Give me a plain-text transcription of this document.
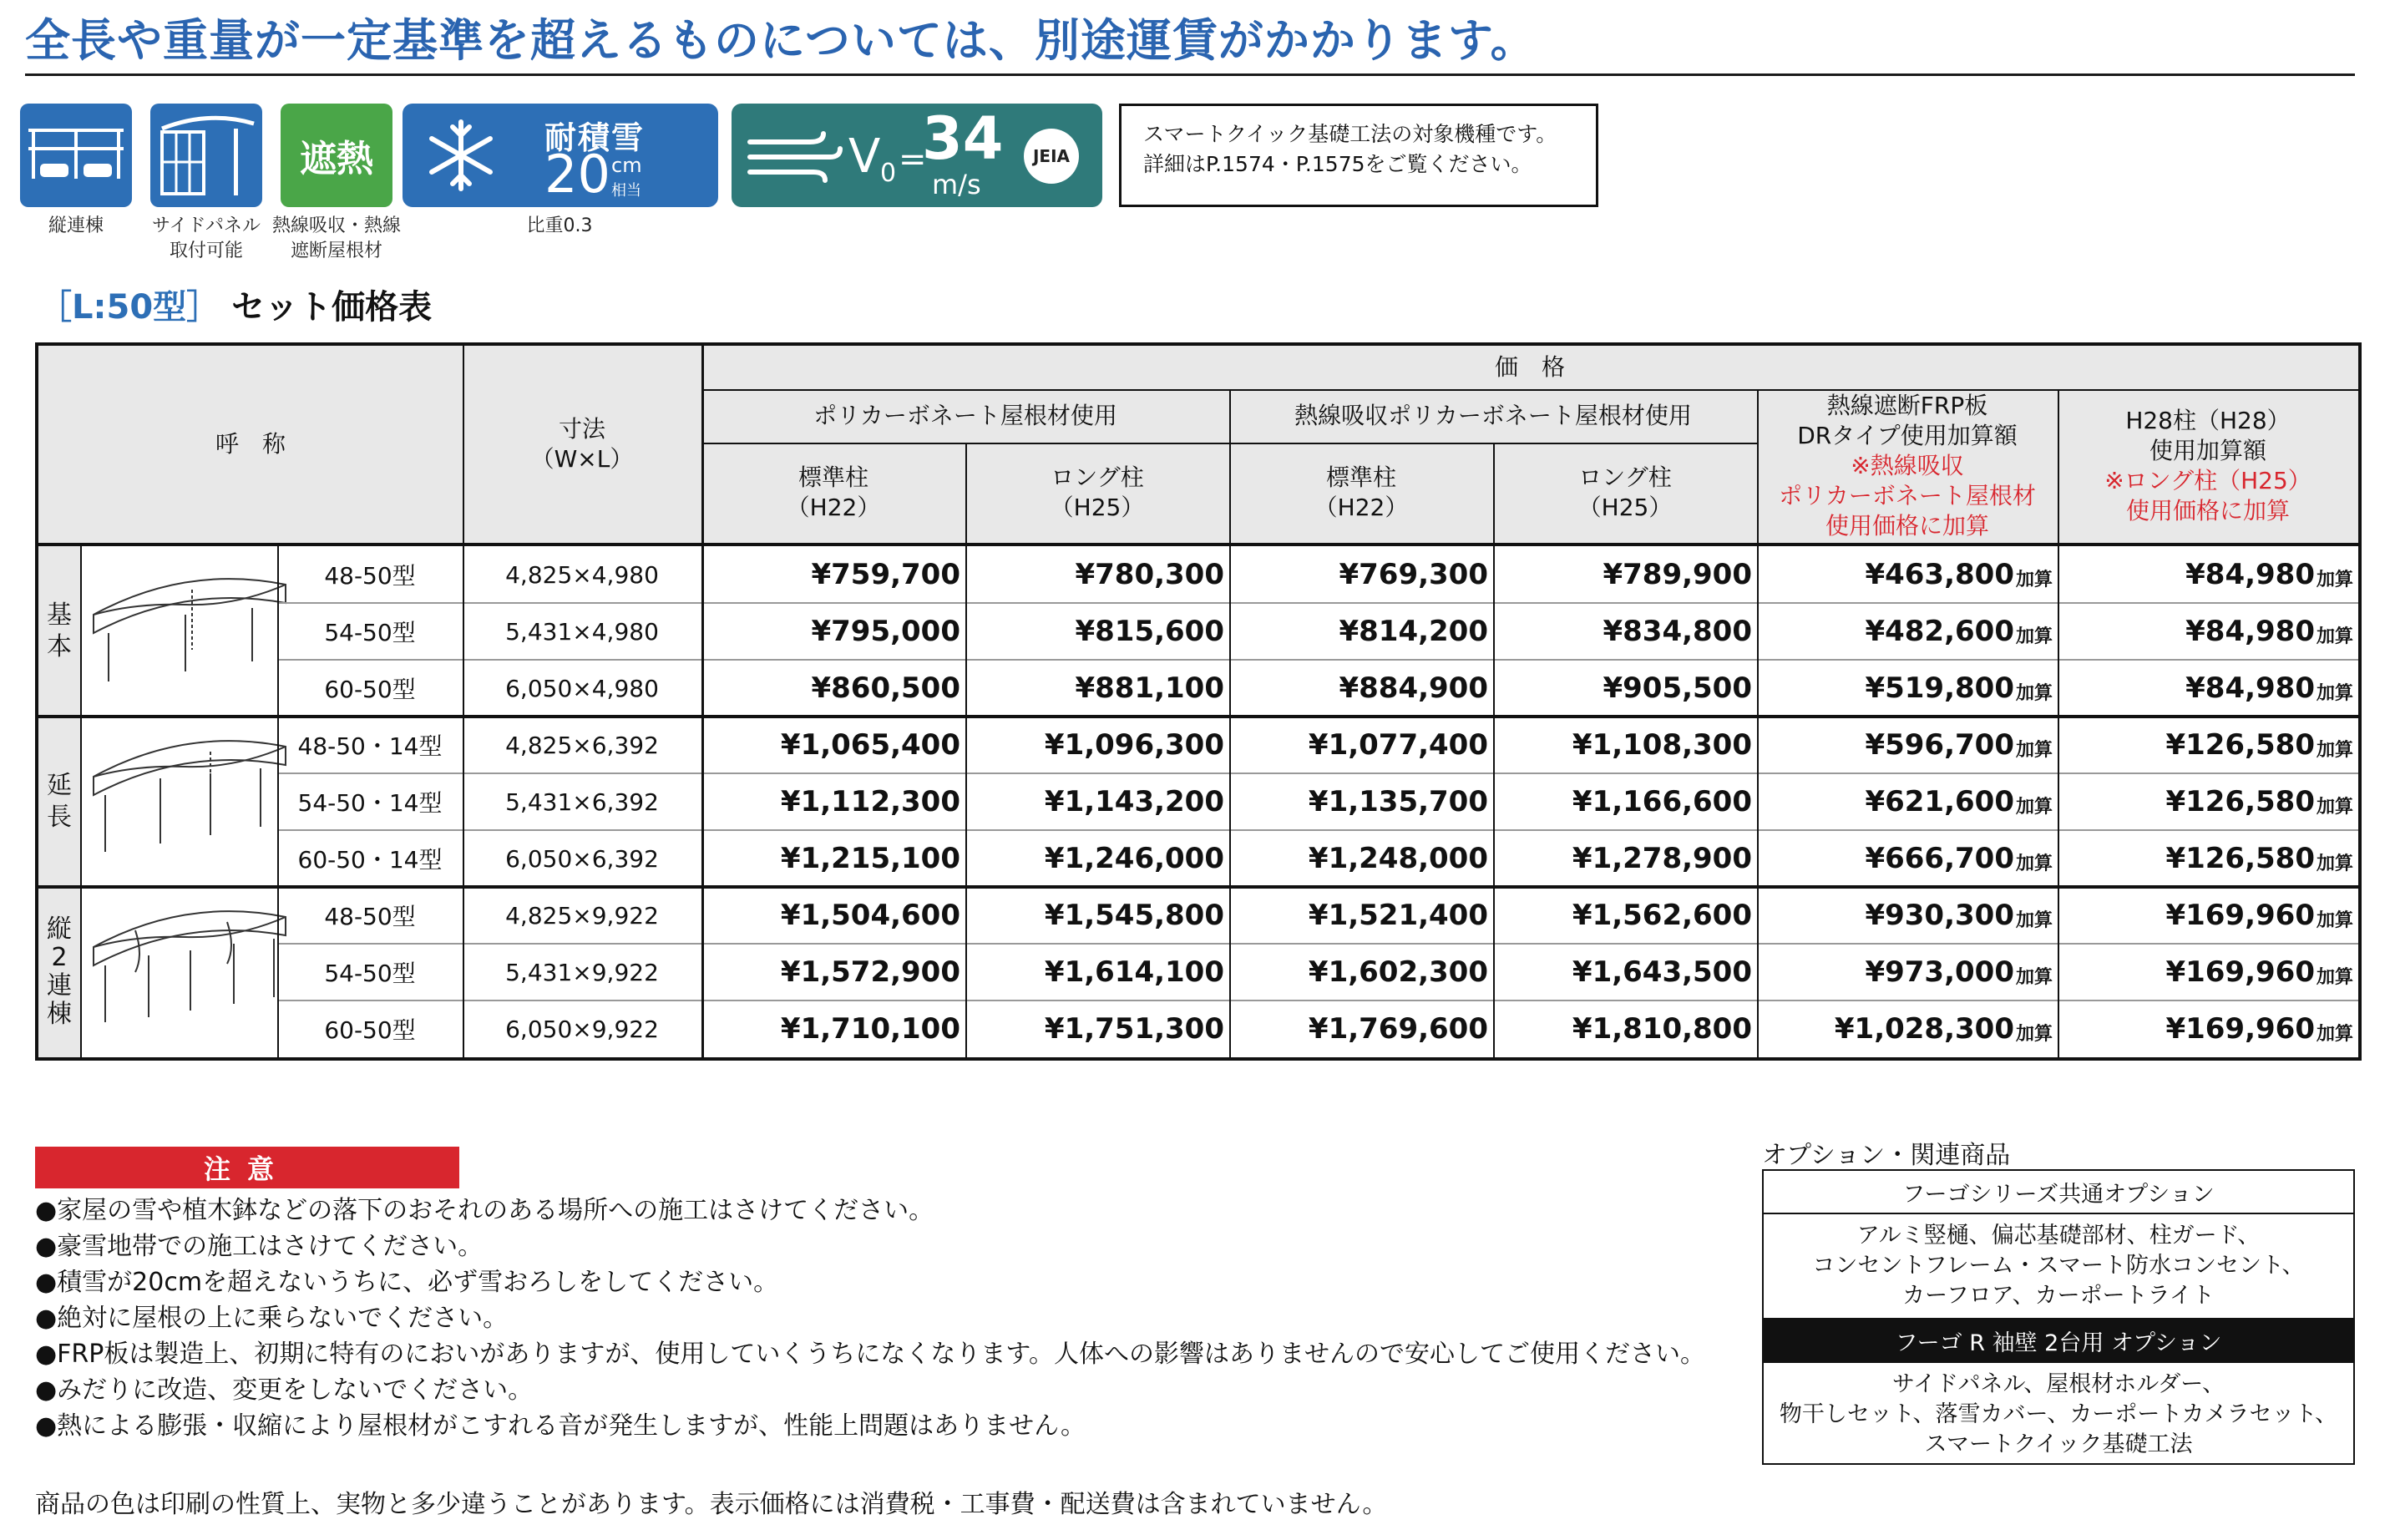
全長や重量が一定基準を超えるものについては、別途運賃がかかります。
縦連棟	サイドパネル
取付可能
遮熱
熱線吸収・熱線
遮断屋根材
耐積雪
20 cm
相当
比重0.3
V 0 =
34
m/s
JEIA
スマートクイック基礎工法の対象機種です。
詳細はP.1574・P.1575をご覧ください。
［L:50型］ セット価格表
呼　称
寸法
（W×L）
価　格
ポリカーボネート屋根材使用	熱線吸収ポリカーボネート屋根材使用
標準柱
（H22）
ロング柱
（H25）
標準柱
（H22）
ロング柱
（H25）
熱線遮断FRP板
DRタイプ使用加算額
※熱線吸収
ポリカーボネート屋根材
使用価格に加算
H28柱（H28）
使用加算額
※ロング柱（H25）
使用価格に加算
基
本
延
長
縦
2
連
棟
48-50型	4,825×4,980	¥759,700	¥780,300	¥769,300	¥789,900	¥463,800 加算	¥84,980 加算
54-50型	5,431×4,980	¥795,000	¥815,600	¥814,200	¥834,800	¥482,600 加算	¥84,980 加算
60-50型	6,050×4,980	¥860,500	¥881,100	¥884,900	¥905,500	¥519,800 加算	¥84,980 加算
48-50・14型	4,825×6,392	¥1,065,400	¥1,096,300	¥1,077,400	¥1,108,300	¥596,700 加算	¥126,580 加算
54-50・14型	5,431×6,392	¥1,112,300	¥1,143,200	¥1,135,700	¥1,166,600	¥621,600 加算	¥126,580 加算
60-50・14型	6,050×6,392	¥1,215,100	¥1,246,000	¥1,248,000	¥1,278,900	¥666,700 加算	¥126,580 加算
48-50型	4,825×9,922	¥1,504,600	¥1,545,800	¥1,521,400	¥1,562,600	¥930,300 加算	¥169,960 加算
54-50型	5,431×9,922	¥1,572,900	¥1,614,100	¥1,602,300	¥1,643,500	¥973,000 加算	¥169,960 加算
60-50型	6,050×9,922	¥1,710,100	¥1,751,300	¥1,769,600	¥1,810,800	¥1,028,300 加算	¥169,960 加算
注意
●家屋の雪や植木鉢などの落下のおそれのある場所への施工はさけてください。
●豪雪地帯での施工はさけてください。
●積雪が20cmを超えないうちに、必ず雪おろしをしてください。
●絶対に屋根の上に乗らないでください。
●FRP板は製造上、初期に特有のにおいがありますが、使用していくうちになくなります。人体への影響はありませんので安心してご使用ください。
●みだりに改造、変更をしないでください。
●熱による膨張・収縮により屋根材がこすれる音が発生しますが、性能上問題はありません。
商品の色は印刷の性質上、実物と多少違うことがあります。表示価格には消費税・工事費・配送費は含まれていません。
オプション・関連商品
フーゴシリーズ共通オプション
アルミ竪樋、偏芯基礎部材、柱ガード、
コンセントフレーム・スマート防水コンセント、
カーフロア、カーポートライト
フーゴ R 袖壁 2台用 オプション
サイドパネル、屋根材ホルダー、
物干しセット、落雪カバー、カーポートカメラセット、
スマートクイック基礎工法
